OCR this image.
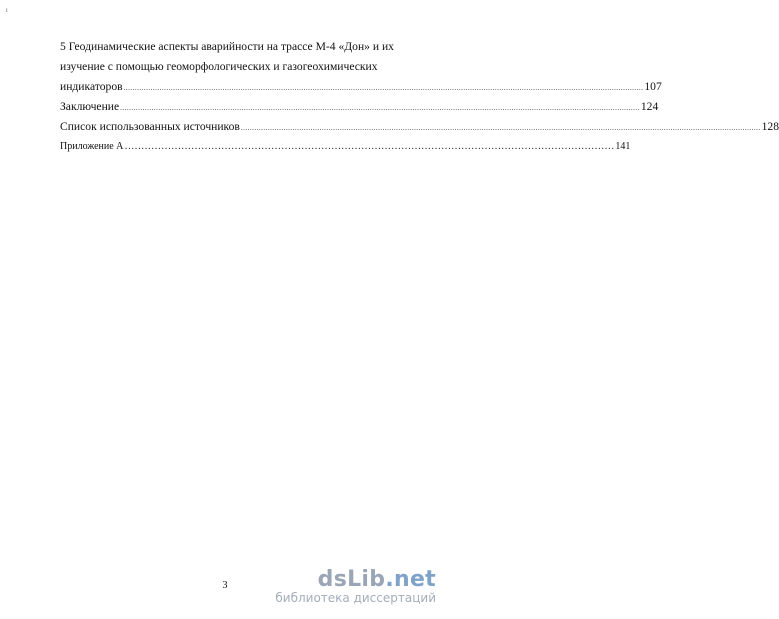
i
5 Геодинамические аспекты аварийности на трассе М-4 «Дон» и их
изучение с помощью геоморфологических и газогеохимических
индикаторов ....................................................................................................................................................................................................................................... 107
Заключение ....................................................................................................................................................................................................................................... 124
Список использованных источников ....................................................................................................................................................................................................................................... 128
Приложение А ………………………………………………………………………………………………………………………………… 141
3	dsLib.net
библиотека диссертаций
